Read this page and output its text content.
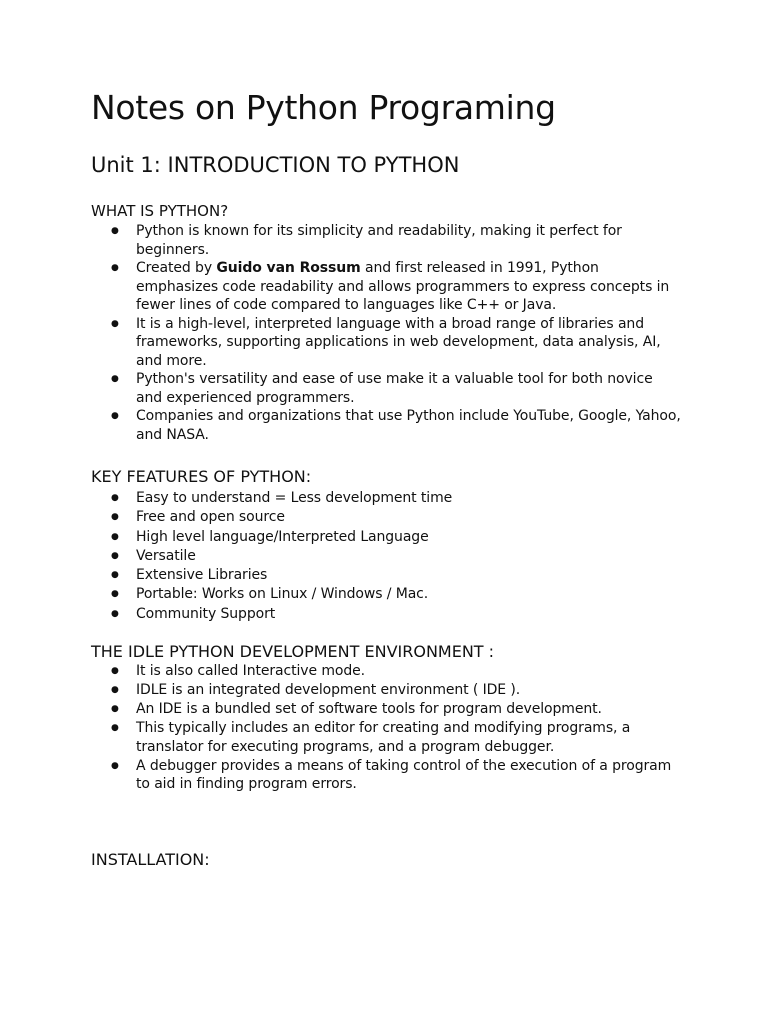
Notes on Python Programing
Unit 1: INTRODUCTION TO PYTHON
WHAT IS PYTHON?
● Python is known for its simplicity and readability, making it perfect for beginners.
● Created by Guido van Rossum and first released in 1991, Python emphasizes code readability and allows programmers to express concepts in fewer lines of code compared to languages like C++ or Java.
● It is a high-level, interpreted language with a broad range of libraries and frameworks, supporting applications in web development, data analysis, AI, and more.
● Python's versatility and ease of use make it a valuable tool for both novice and experienced programmers.
● Companies and organizations that use Python include YouTube, Google, Yahoo, and NASA.
KEY FEATURES OF PYTHON:
● Easy to understand = Less development time
● Free and open source
● High level language/Interpreted Language
● Versatile
● Extensive Libraries
● Portable: Works on Linux / Windows / Mac.
● Community Support
THE IDLE PYTHON DEVELOPMENT ENVIRONMENT :
● It is also called Interactive mode.
● IDLE is an integrated development environment ( IDE ).
● An IDE is a bundled set of software tools for program development.
● This typically includes an editor for creating and modifying programs, a translator for executing programs, and a program debugger.
● A debugger provides a means of taking control of the execution of a program to aid in finding program errors.
INSTALLATION:
